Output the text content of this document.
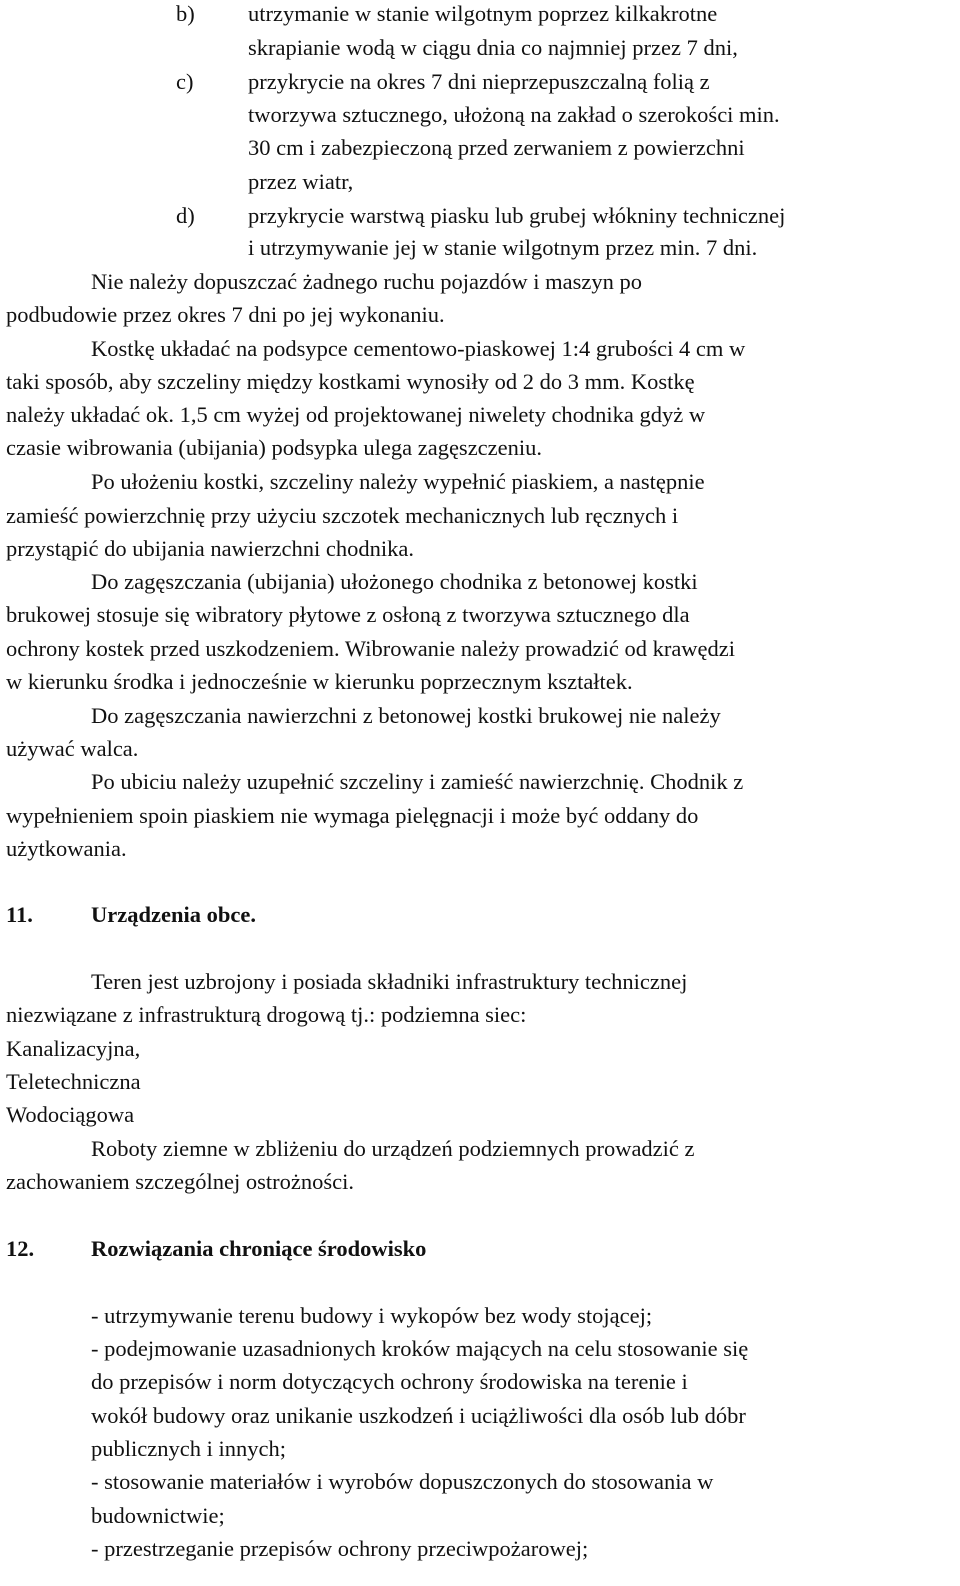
b) utrzymanie w stanie wilgotnym poprzez kilkakrotne
skrapianie wodą w ciągu dnia co najmniej przez 7 dni,
c) przykrycie na okres 7 dni nieprzepuszczalną folią z
tworzywa sztucznego, ułożoną na zakład o szerokości min.
30 cm i zabezpieczoną przed zerwaniem z powierzchni
przez wiatr,
d) przykrycie warstwą piasku lub grubej włókniny technicznej
i utrzymywanie jej w stanie wilgotnym przez min. 7 dni.
Nie należy dopuszczać żadnego ruchu pojazdów i maszyn po
podbudowie przez okres 7 dni po jej wykonaniu.
Kostkę układać na podsypce cementowo-piaskowej 1:4 grubości 4 cm w
taki sposób, aby szczeliny między kostkami wynosiły od 2 do 3 mm. Kostkę
należy układać ok. 1,5 cm wyżej od projektowanej niwelety chodnika gdyż w
czasie wibrowania (ubijania) podsypka ulega zagęszczeniu.
Po ułożeniu kostki, szczeliny należy wypełnić piaskiem, a następnie
zamieść powierzchnię przy użyciu szczotek mechanicznych lub ręcznych i
przystąpić do ubijania nawierzchni chodnika.
Do zagęszczania (ubijania) ułożonego chodnika z betonowej kostki
brukowej stosuje się wibratory płytowe z osłoną z tworzywa sztucznego dla
ochrony kostek przed uszkodzeniem. Wibrowanie należy prowadzić od krawędzi
w kierunku środka i jednocześnie w kierunku poprzecznym kształtek.
Do zagęszczania nawierzchni z betonowej kostki brukowej nie należy
używać walca.
Po ubiciu należy uzupełnić szczeliny i zamieść nawierzchnię. Chodnik z
wypełnieniem spoin piaskiem nie wymaga pielęgnacji i może być oddany do
użytkowania.
11.	Urządzenia obce.
Teren jest uzbrojony i posiada składniki infrastruktury technicznej
niezwiązane z infrastrukturą drogową tj.: podziemna siec:
Kanalizacyjna,
Teletechniczna
Wodociągowa
Roboty ziemne w zbliżeniu do urządzeń podziemnych prowadzić z
zachowaniem szczególnej ostrożności.
12.	Rozwiązania chroniące środowisko
- utrzymywanie terenu budowy i wykopów bez wody stojącej;
- podejmowanie uzasadnionych kroków mających na celu stosowanie się
do przepisów i norm dotyczących ochrony środowiska na terenie i
wokół budowy oraz unikanie uszkodzeń i uciążliwości dla osób lub dóbr
publicznych i innych;
- stosowanie materiałów i wyrobów dopuszczonych do stosowania w
budownictwie;
- przestrzeganie przepisów ochrony przeciwpożarowej;
